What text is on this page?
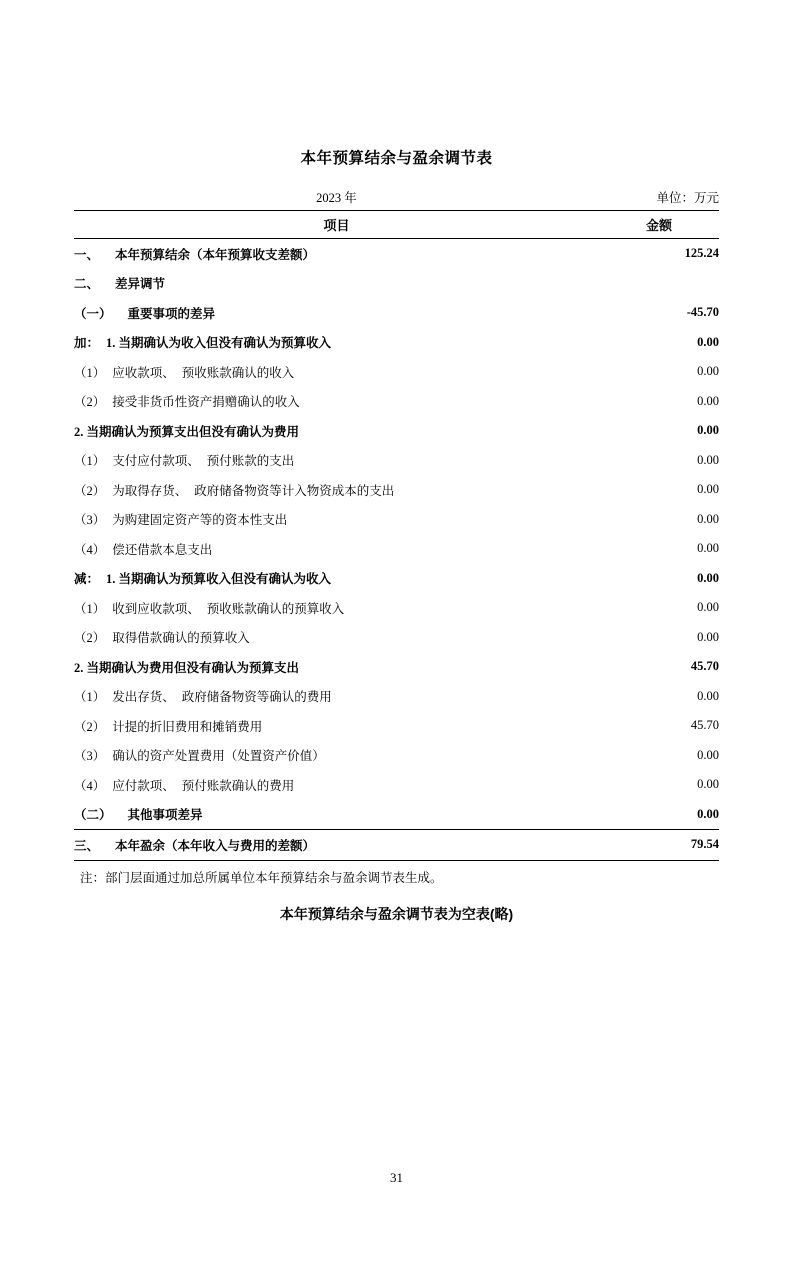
本年预算结余与盈余调节表
2023 年	单位：万元
项目	金额
一、 本年预算结余（本年预算收支差额）	125.24
二、 差异调节	
（一） 重要事项的差异	-45.70
加： 1. 当期确认为收入但没有确认为预算收入	0.00
（1） 应收款项、 预收账款确认的收入	0.00
（2） 接受非货币性资产捐赠确认的收入	0.00
2. 当期确认为预算支出但没有确认为费用	0.00
（1） 支付应付款项、 预付账款的支出	0.00
（2） 为取得存货、 政府储备物资等计入物资成本的支出	0.00
（3） 为购建固定资产等的资本性支出	0.00
（4） 偿还借款本息支出	0.00
减： 1. 当期确认为预算收入但没有确认为收入	0.00
（1） 收到应收款项、 预收账款确认的预算收入	0.00
（2） 取得借款确认的预算收入	0.00
2. 当期确认为费用但没有确认为预算支出	45.70
（1） 发出存货、 政府储备物资等确认的费用	0.00
（2） 计提的折旧费用和摊销费用	45.70
（3） 确认的资产处置费用（处置资产价值）	0.00
（4） 应付款项、 预付账款确认的费用	0.00
（二） 其他事项差异	0.00
三、 本年盈余（本年收入与费用的差额）	79.54
注：部门层面通过加总所属单位本年预算结余与盈余调节表生成。
本年预算结余与盈余调节表为空表(略)
31
